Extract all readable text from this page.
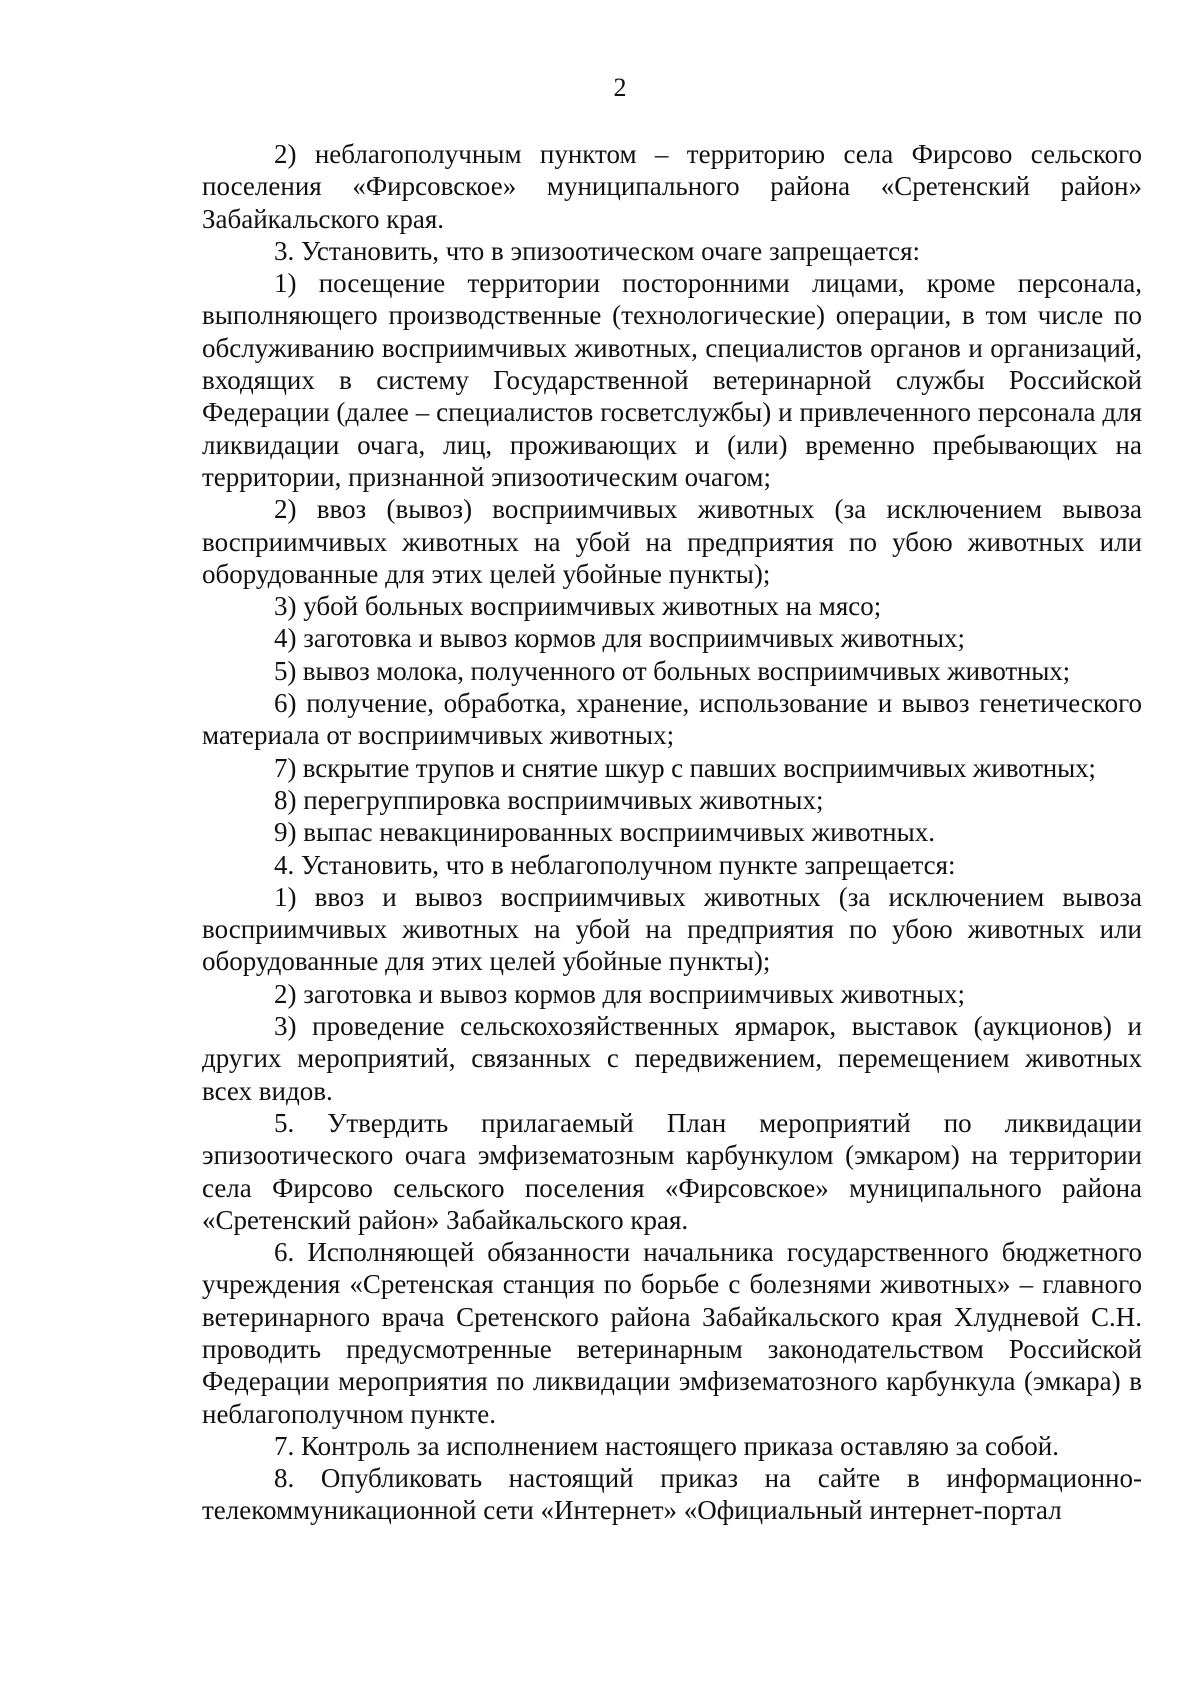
2

2) неблагополучным пунктом – территорию села Фирсово сельского поселения «Фирсовское» муниципального района «Сретенский район» Забайкальского края.

3. Установить, что в эпизоотическом очаге запрещается:

1) посещение территории посторонними лицами, кроме персонала, выполняющего производственные (технологические) операции, в том числе по обслуживанию восприимчивых животных, специалистов органов и организаций, входящих в систему Государственной ветеринарной службы Российской Федерации (далее – специалистов госветслужбы) и привлеченного персонала для ликвидации очага, лиц, проживающих и (или) временно пребывающих на территории, признанной эпизоотическим очагом;

2) ввоз (вывоз) восприимчивых животных (за исключением вывоза восприимчивых животных на убой на предприятия по убою животных или оборудованные для этих целей убойные пункты);

3) убой больных восприимчивых животных на мясо;

4) заготовка и вывоз кормов для восприимчивых животных;

5) вывоз молока, полученного от больных восприимчивых животных;

6) получение, обработка, хранение, использование и вывоз генетического материала от восприимчивых животных;

7) вскрытие трупов и снятие шкур с павших восприимчивых животных;

8) перегруппировка восприимчивых животных;

9) выпас невакцинированных восприимчивых животных.

4. Установить, что в неблагополучном пункте запрещается:

1) ввоз и вывоз восприимчивых животных (за исключением вывоза восприимчивых животных на убой на предприятия по убою животных или оборудованные для этих целей убойные пункты);

2) заготовка и вывоз кормов для восприимчивых животных;

3) проведение сельскохозяйственных ярмарок, выставок (аукционов) и других мероприятий, связанных с передвижением, перемещением животных всех видов.

5. Утвердить прилагаемый План мероприятий по ликвидации эпизоотического очага эмфизематозным карбункулом (эмкаром) на территории села Фирсово сельского поселения «Фирсовское» муниципального района «Сретенский район» Забайкальского края.

6. Исполняющей обязанности начальника государственного бюджетного учреждения «Сретенская станция по борьбе с болезнями животных» – главного ветеринарного врача Сретенского района Забайкальского края Хлудневой С.Н. проводить предусмотренные ветеринарным законодательством Российской Федерации мероприятия по ликвидации эмфизематозного карбункула (эмкара) в неблагополучном пункте.

7. Контроль за исполнением настоящего приказа оставляю за собой.

8. Опубликовать настоящий приказ на сайте в информационно-телекоммуникационной сети «Интернет» «Официальный интернет-портал
